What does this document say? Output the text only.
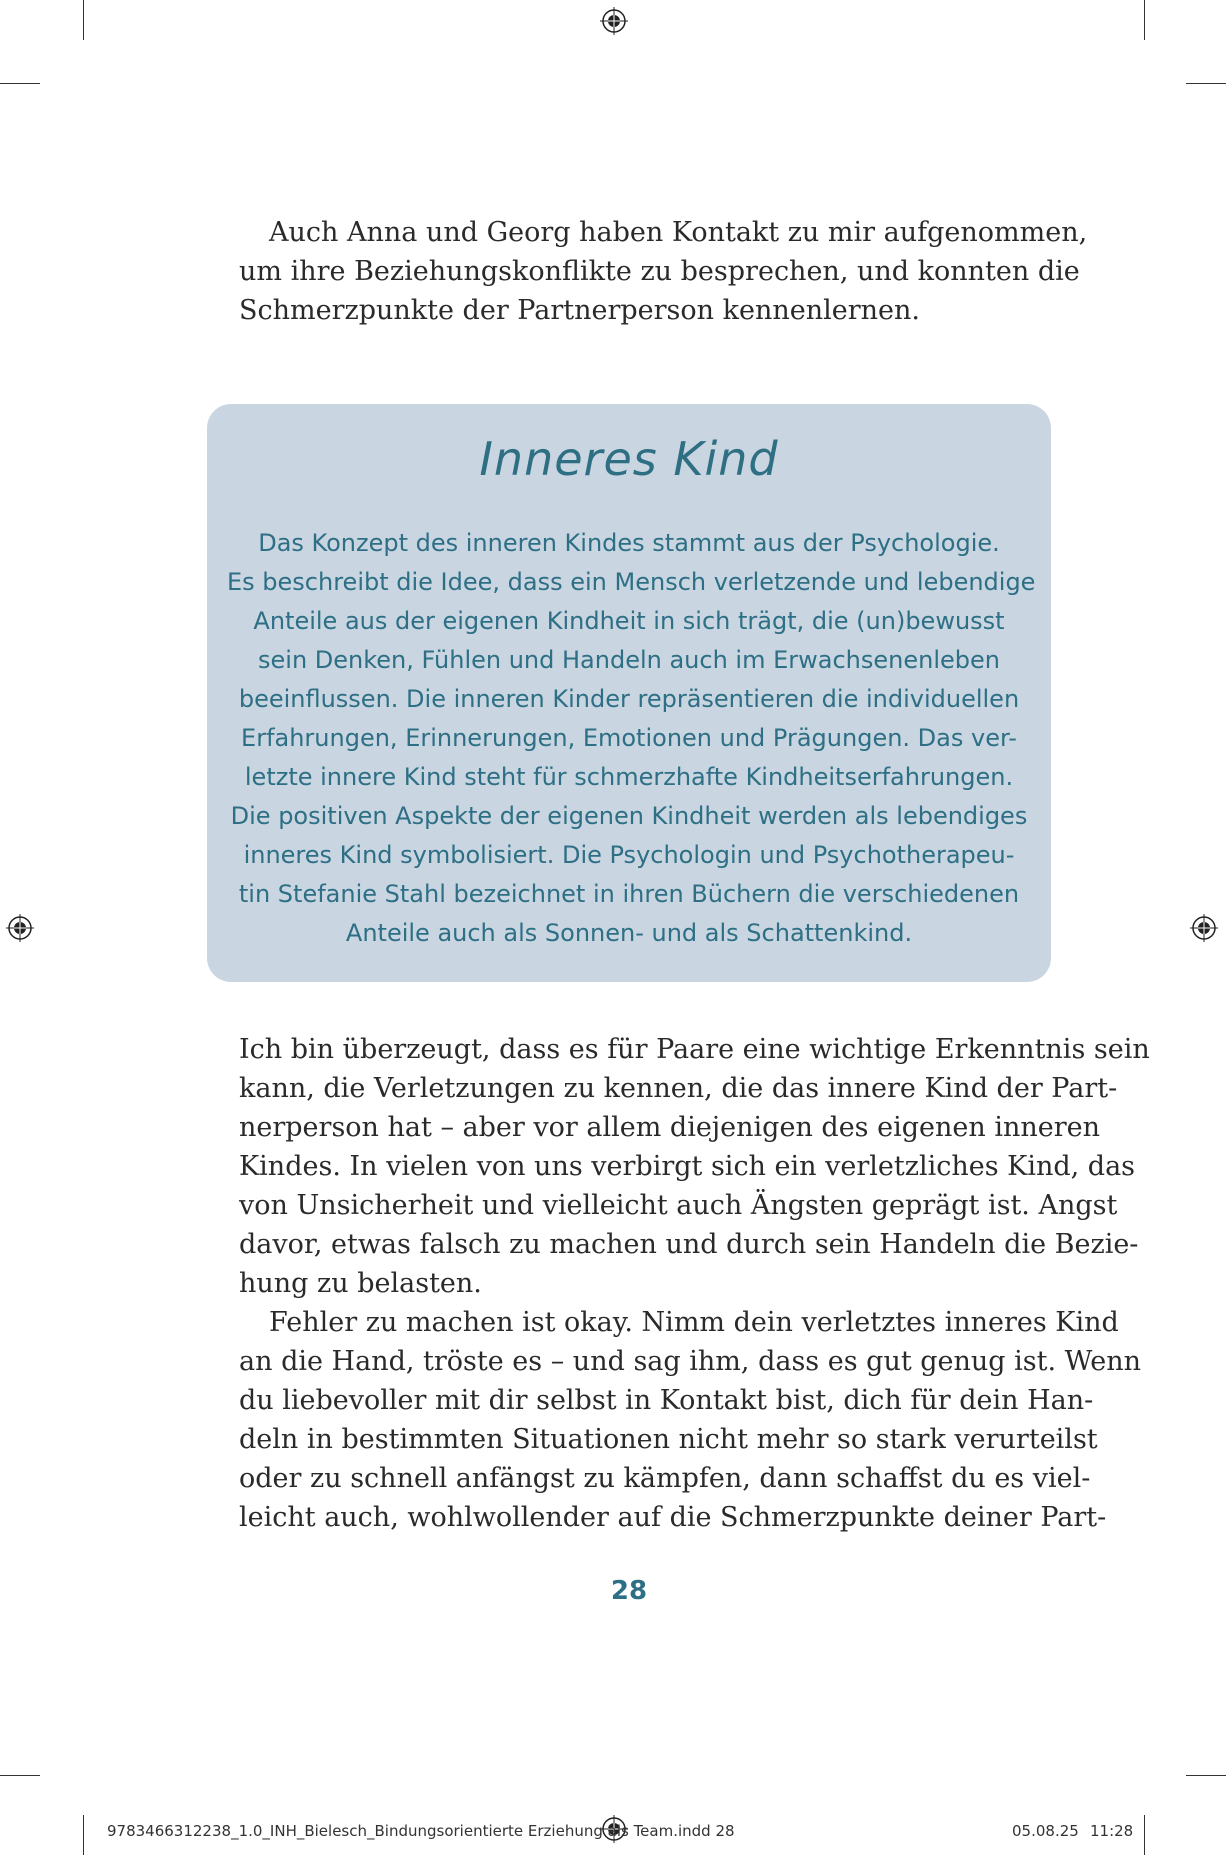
Auch Anna und Georg haben Kontakt zu mir aufgenommen,
um ihre Beziehungskonflikte zu besprechen, und konnten die
Schmerzpunkte der Partnerperson kennenlernen.

Inneres Kind

Das Konzept des inneren Kindes stammt aus der Psychologie.
Es beschreibt die Idee, dass ein Mensch verletzende und lebendige
Anteile aus der eigenen Kindheit in sich trägt, die (un)bewusst
sein Denken, Fühlen und Handeln auch im Erwachsenenleben
beeinflussen. Die inneren Kinder repräsentieren die individuellen
Erfahrungen, Erinnerungen, Emotionen und Prägungen. Das ver-
letzte innere Kind steht für schmerzhafte Kindheitserfahrungen.
Die positiven Aspekte der eigenen Kindheit werden als lebendiges
inneres Kind symbolisiert. Die Psychologin und Psychotherapeu-
tin Stefanie Stahl bezeichnet in ihren Büchern die verschiedenen
Anteile auch als Sonnen- und als Schattenkind.

Ich bin überzeugt, dass es für Paare eine wichtige Erkenntnis sein
kann, die Verletzungen zu kennen, die das innere Kind der Part-
nerperson hat – aber vor allem diejenigen des eigenen inneren
Kindes. In vielen von uns verbirgt sich ein verletzliches Kind, das
von Unsicherheit und vielleicht auch Ängsten geprägt ist. Angst
davor, etwas falsch zu machen und durch sein Handeln die Bezie-
hung zu belasten.

Fehler zu machen ist okay. Nimm dein verletztes inneres Kind
an die Hand, tröste es – und sag ihm, dass es gut genug ist. Wenn
du liebevoller mit dir selbst in Kontakt bist, dich für dein Han-
deln in bestimmten Situationen nicht mehr so stark verurteilst
oder zu schnell anfängst zu kämpfen, dann schaffst du es viel-
leicht auch, wohlwollender auf die Schmerzpunkte deiner Part-

28
9783466312238_1.0_INH_Bielesch_Bindungsorientierte Erziehung als Team.indd 28	05.08.25 11:28
